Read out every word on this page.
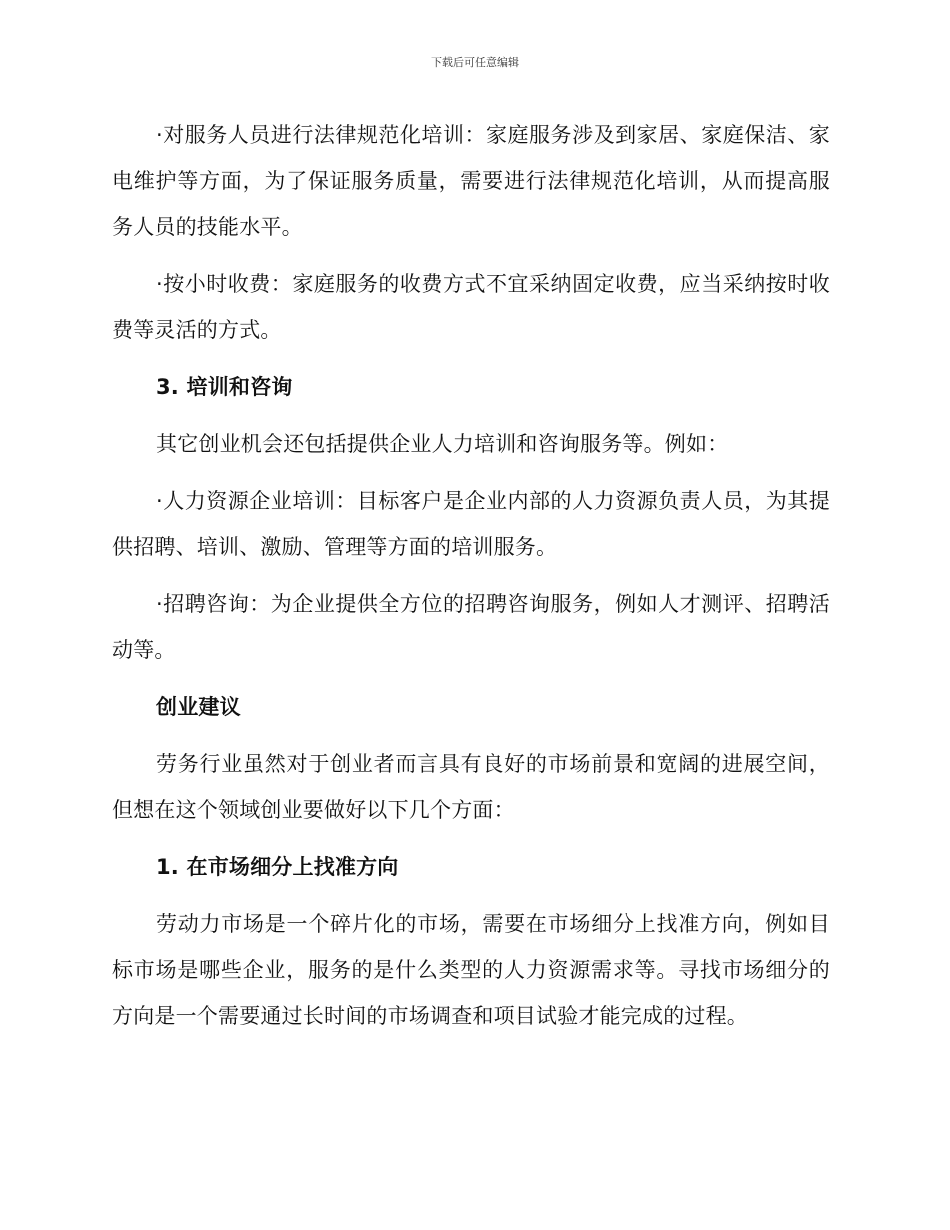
下载后可任意编辑

·对服务人员进行法律规范化培训：家庭服务涉及到家居、家庭保洁、家电维护等方面，为了保证服务质量，需要进行法律规范化培训，从而提高服务人员的技能水平。

·按小时收费：家庭服务的收费方式不宜采纳固定收费，应当采纳按时收费等灵活的方式。

3. 培训和咨询

其它创业机会还包括提供企业人力培训和咨询服务等。例如：

·人力资源企业培训：目标客户是企业内部的人力资源负责人员，为其提供招聘、培训、激励、管理等方面的培训服务。

·招聘咨询：为企业提供全方位的招聘咨询服务，例如人才测评、招聘活动等。

创业建议

劳务行业虽然对于创业者而言具有良好的市场前景和宽阔的进展空间，但想在这个领域创业要做好以下几个方面：

1. 在市场细分上找准方向

劳动力市场是一个碎片化的市场，需要在市场细分上找准方向，例如目标市场是哪些企业，服务的是什么类型的人力资源需求等。寻找市场细分的方向是一个需要通过长时间的市场调查和项目试验才能完成的过程。
